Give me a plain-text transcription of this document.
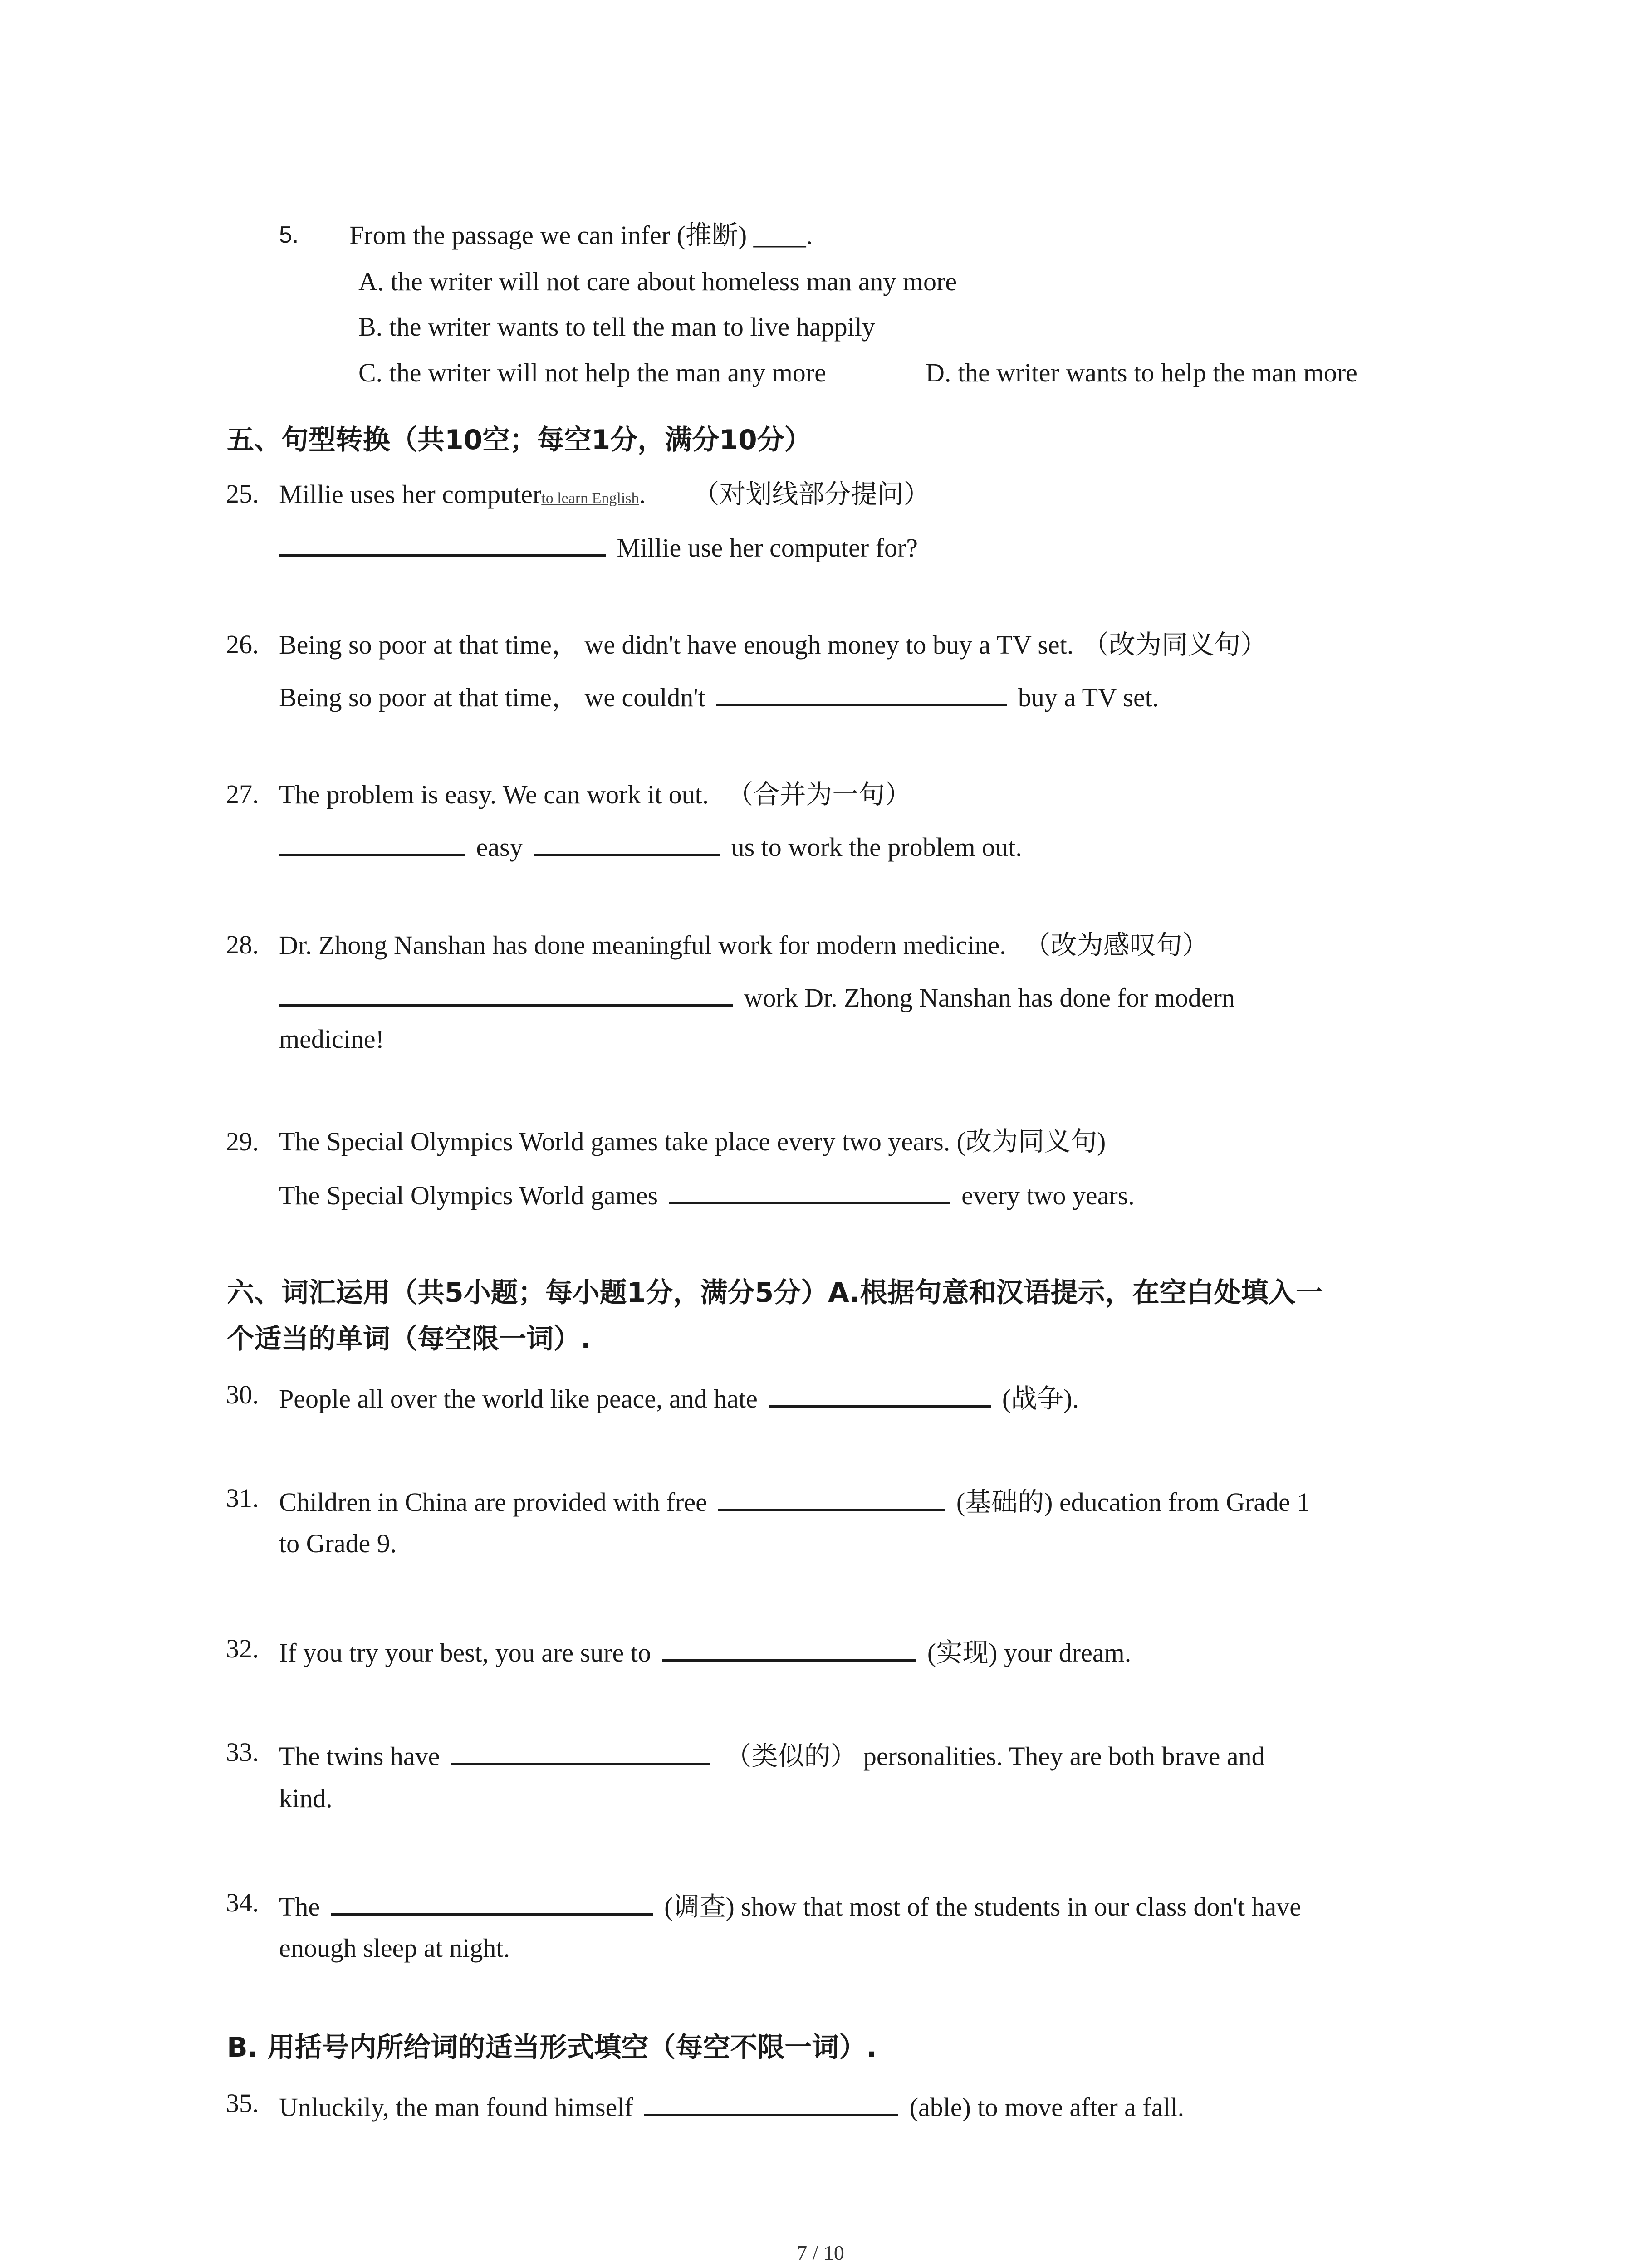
5. From the passage we can infer (推断) ____.
A. the writer will not care about homeless man any more
B. the writer wants to tell the man to live happily
C. the writer will not help the man any more	D. the writer wants to help the man more
五、句型转换（共10空；每空1分，满分10分）
25. Millie uses her computerto learn English. （对划线部分提问）
Millie use her computer for?
26. Being so poor at that time， we didn't have enough money to buy a TV set. （改为同义句）
Being so poor at that time， we couldn't	buy a TV set.
27. The problem is easy. We can work it out. （合并为一句）
easy	us to work the problem out.
28. Dr. Zhong Nanshan has done meaningful work for modern medicine. （改为感叹句）
work Dr. Zhong Nanshan has done for modern
medicine!
29. The Special Olympics World games take place every two years. (改为同义句)
The Special Olympics World games	every two years.
六、词汇运用（共5小题；每小题1分，满分5分）A.根据句意和汉语提示，在空白处填入一
个适当的单词（每空限一词）.
30. People all over the world like peace, and hate	(战争).
31. Children in China are provided with free	(基础的) education from Grade 1
to Grade 9.
32. If you try your best, you are sure to	(实现) your dream.
33. The twins have	（类似的） personalities. They are both brave and
kind.
34. The	(调查) show that most of the students in our class don't have
enough sleep at night.
B. 用括号内所给词的适当形式填空（每空不限一词）.
35. Unluckily, the man found himself	(able) to move after a fall.
7 / 10
